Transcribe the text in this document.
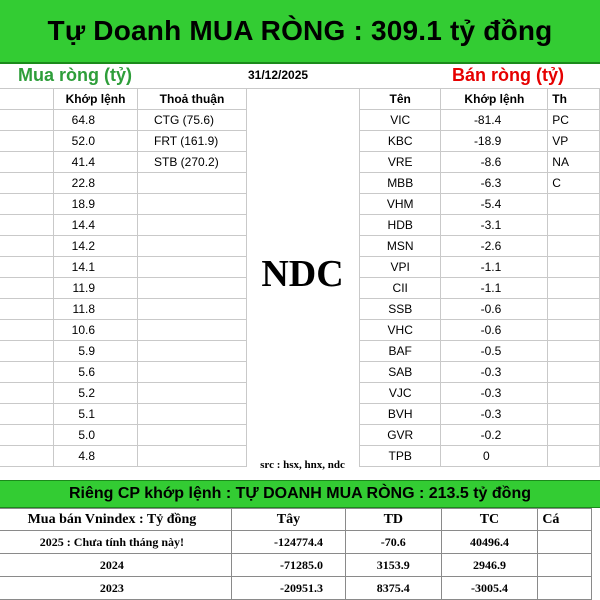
Tự Doanh MUA RÒNG : 309.1 tỷ đồng
Mua ròng (tỷ)	31/12/2025	Bán ròng (tỷ)
	Khớp lệnh	Thoả thuận
	64.8	CTG (75.6)
	52.0	FRT (161.9)
	41.4	STB (270.2)
	22.8	
	18.9	
	14.4	
	14.2	
	14.1	
	11.9	
	11.8	
	10.6	
	5.9	
	5.6	
	5.2	
	5.1	
	5.0	
	4.8	
NDC
src : hsx, hnx, ndc
Tên	Khớp lệnh	Th
VIC	-81.4	PC
KBC	-18.9	VP
VRE	-8.6	NA
MBB	-6.3	C
VHM	-5.4	
HDB	-3.1	
MSN	-2.6	
VPI	-1.1	
CII	-1.1	
SSB	-0.6	
VHC	-0.6	
BAF	-0.5	
SAB	-0.3	
VJC	-0.3	
BVH	-0.3	
GVR	-0.2	
TPB	0	
Riêng CP khớp lệnh : TỰ DOANH MUA RÒNG : 213.5 tỷ đồng
Mua bán Vnindex : Tỷ đồng	Tây	TD	TC	Cá
2025 : Chưa tính tháng này!	-124774.4	-70.6	40496.4	
2024	-71285.0	3153.9	2946.9	
2023	-20951.3	8375.4	-3005.4	
